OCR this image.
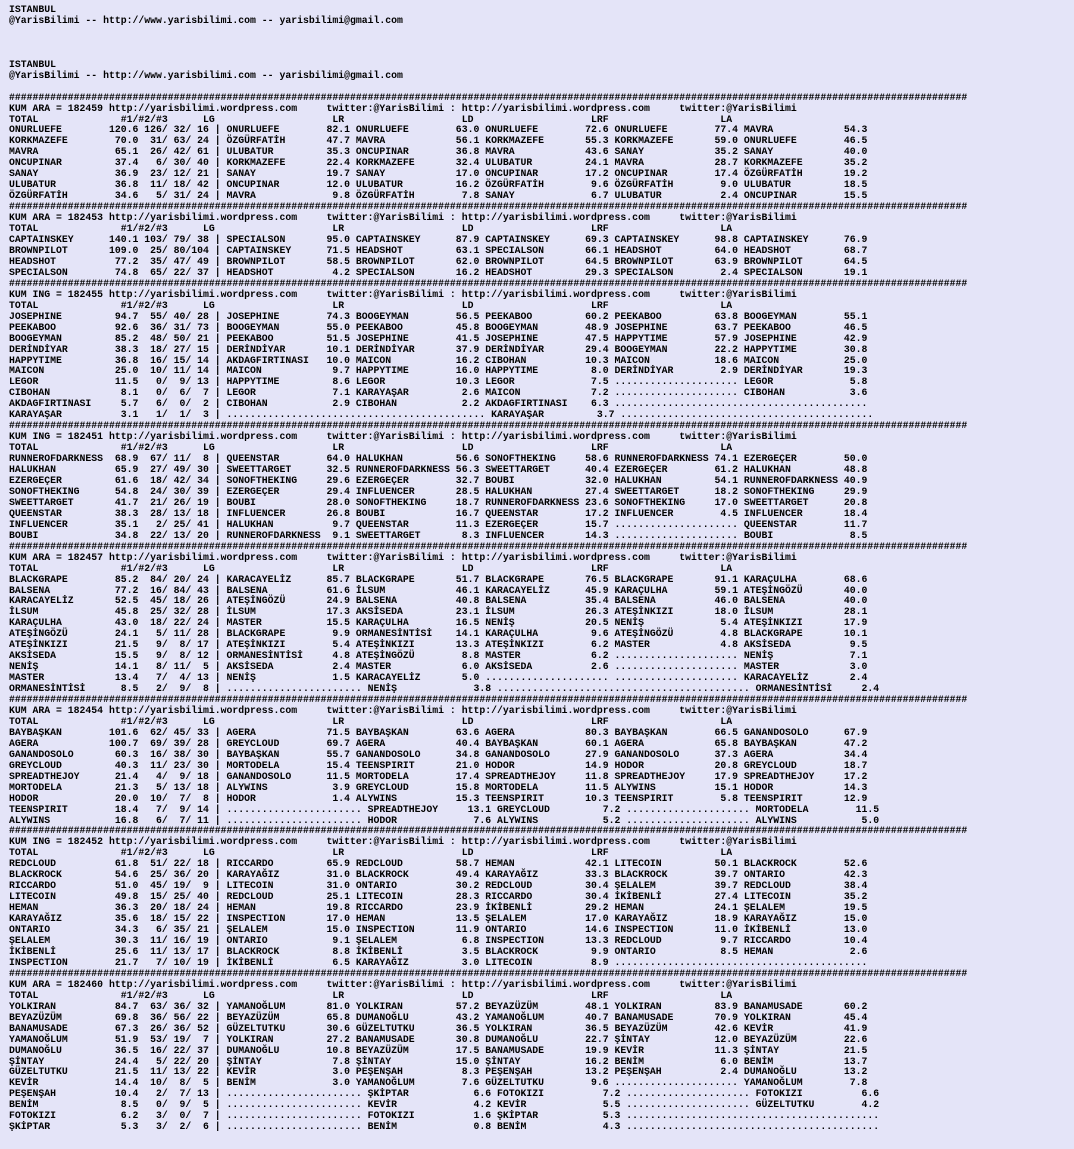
ISTANBUL
@YarisBilimi -- http://www.yarisbilimi.com -- yarisbilimi@gmail.com

ISTANBUL
@YarisBilimi -- http://www.yarisbilimi.com -- yarisbilimi@gmail.com

###################################################################################################################################################################
KUM ARA = 182459 http://yarisbilimi.wordpress.com     twitter:@YarisBilimi : http://yarisbilimi.wordpress.com     twitter:@YarisBilimi
TOTAL              #1/#2/#3      LG                    LR                    LD                    LRF                   LA
ONURLUEFE        120.6 126/ 32/ 16 | ONURLUEFE        82.1 ONURLUEFE        63.0 ONURLUEFE        72.6 ONURLUEFE        77.4 MAVRA            54.3
KORKMAZEFE        70.0  31/ 63/ 24 | ÖZGÜRFATİH       47.7 MAVRA            56.1 KORKMAZEFE       55.3 KORKMAZEFE       59.0 ONURLUEFE        46.5
MAVRA             65.1  26/ 42/ 61 | ULUBATUR         35.3 ONCUPINAR        36.8 MAVRA            43.6 SANAY            35.2 SANAY            40.0
ONCUPINAR         37.4   6/ 30/ 40 | KORKMAZEFE       22.4 KORKMAZEFE       32.4 ULUBATUR         24.1 MAVRA            28.7 KORKMAZEFE       35.2
SANAY             36.9  23/ 12/ 21 | SANAY            19.7 SANAY            17.0 ONCUPINAR        17.2 ONCUPINAR        17.4 ÖZGÜRFATİH       19.2
ULUBATUR          36.8  11/ 18/ 42 | ONCUPINAR        12.0 ULUBATUR         16.2 ÖZGÜRFATİH        9.6 ÖZGÜRFATİH        9.0 ULUBATUR         18.5
ÖZGÜRFATİH        34.6   5/ 31/ 24 | MAVRA             9.8 ÖZGÜRFATİH        7.8 SANAY             6.7 ULUBATUR          2.4 ONCUPINAR        15.5
###################################################################################################################################################################
KUM ARA = 182453 http://yarisbilimi.wordpress.com     twitter:@YarisBilimi : http://yarisbilimi.wordpress.com     twitter:@YarisBilimi
TOTAL              #1/#2/#3      LG                    LR                    LD                    LRF                   LA
CAPTAINSKEY      140.1 103/ 79/ 38 | SPECIALSON       95.0 CAPTAINSKEY      87.9 CAPTAINSKEY      69.3 CAPTAINSKEY      98.8 CAPTAINSKEY      76.9
BROWNPILOT       109.0  25/ 80/104 | CAPTAINSKEY      71.5 HEADSHOT         63.1 SPECIALSON       66.1 HEADSHOT         64.0 HEADSHOT         68.7
HEADSHOT          77.2  35/ 47/ 49 | BROWNPILOT       58.5 BROWNPILOT       62.0 BROWNPILOT       64.5 BROWNPILOT       63.9 BROWNPILOT       64.5
SPECIALSON        74.8  65/ 22/ 37 | HEADSHOT          4.2 SPECIALSON       16.2 HEADSHOT         29.3 SPECIALSON        2.4 SPECIALSON       19.1
###################################################################################################################################################################
KUM ING = 182455 http://yarisbilimi.wordpress.com     twitter:@YarisBilimi : http://yarisbilimi.wordpress.com     twitter:@YarisBilimi
TOTAL              #1/#2/#3      LG                    LR                    LD                    LRF                   LA
JOSEPHINE         94.7  55/ 40/ 28 | JOSEPHINE        74.3 BOOGEYMAN        56.5 PEEKABOO         60.2 PEEKABOO         63.8 BOOGEYMAN        55.1
PEEKABOO          92.6  36/ 31/ 73 | BOOGEYMAN        55.0 PEEKABOO         45.8 BOOGEYMAN        48.9 JOSEPHINE        63.7 PEEKABOO         46.5
BOOGEYMAN         85.2  48/ 50/ 21 | PEEKABOO         51.5 JOSEPHINE        41.5 JOSEPHINE        47.5 HAPPYTIME        57.9 JOSEPHINE        42.9
DERİNDİYAR        38.3  18/ 27/ 15 | DERİNDİYAR       10.1 DERİNDİYAR       37.9 DERİNDİYAR       29.4 BOOGEYMAN        22.2 HAPPYTIME        30.8
HAPPYTIME         36.8  16/ 15/ 14 | AKDAGFIRTINASI   10.0 MAICON           16.2 CIBOHAN          10.3 MAICON           18.6 MAICON           25.0
MAICON            25.0  10/ 11/ 14 | MAICON            9.7 HAPPYTIME        16.0 HAPPYTIME         8.0 DERİNDİYAR        2.9 DERİNDİYAR       19.3
LEGOR             11.5   0/  9/ 13 | HAPPYTIME         8.6 LEGOR            10.3 LEGOR             7.5 ..................... LEGOR             5.8
CIBOHAN            8.1   0/  6/  7 | LEGOR             7.1 KARAYAŞAR         2.6 MAICON            7.2 ..................... CIBOHAN           3.6
AKDAGFIRTINASI     5.7   6/  0/  2 | CIBOHAN           2.9 CIBOHAN           2.2 AKDAGFIRTINASI    6.3 ...........................................
KARAYAŞAR          3.1   1/  1/  3 | ............................................ KARAYAŞAR         3.7 ...........................................
###################################################################################################################################################################
KUM ING = 182451 http://yarisbilimi.wordpress.com     twitter:@YarisBilimi : http://yarisbilimi.wordpress.com     twitter:@YarisBilimi
TOTAL              #1/#2/#3      LG                    LR                    LD                    LRF                   LA
RUNNEROFDARKNESS  68.9  67/ 11/  8 | QUEENSTAR        64.0 HALUKHAN         56.6 SONOFTHEKING     58.6 RUNNEROFDARKNESS 74.1 EZERGEÇER        50.0
HALUKHAN          65.9  27/ 49/ 30 | SWEETTARGET      32.5 RUNNEROFDARKNESS 56.3 SWEETTARGET      40.4 EZERGEÇER        61.2 HALUKHAN         48.8
EZERGEÇER         61.6  18/ 42/ 34 | SONOFTHEKING     29.6 EZERGEÇER        32.7 BOUBI            32.0 HALUKHAN         54.1 RUNNEROFDARKNESS 40.9
SONOFTHEKING      54.8  24/ 30/ 39 | EZERGEÇER        29.4 INFLUENCER       28.5 HALUKHAN         27.4 SWEETTARGET      18.2 SONOFTHEKING     29.9
SWEETTARGET       41.7  21/ 26/ 19 | BOUBI            28.0 SONOFTHEKING     18.7 RUNNEROFDARKNESS 23.6 SONOFTHEKING     17.0 SWEETTARGET      20.8
QUEENSTAR         38.3  28/ 13/ 18 | INFLUENCER       26.8 BOUBI            16.7 QUEENSTAR        17.2 INFLUENCER        4.5 INFLUENCER       18.4
INFLUENCER        35.1   2/ 25/ 41 | HALUKHAN          9.7 QUEENSTAR        11.3 EZERGEÇER        15.7 ..................... QUEENSTAR        11.7
BOUBI             34.8  22/ 13/ 20 | RUNNEROFDARKNESS  9.1 SWEETTARGET       8.3 INFLUENCER       14.3 ..................... BOUBI             8.5
###################################################################################################################################################################
KUM ARA = 182457 http://yarisbilimi.wordpress.com     twitter:@YarisBilimi : http://yarisbilimi.wordpress.com     twitter:@YarisBilimi
TOTAL              #1/#2/#3      LG                    LR                    LD                    LRF                   LA
BLACKGRAPE        85.2  84/ 20/ 24 | KARACAYELİZ      85.7 BLACKGRAPE       51.7 BLACKGRAPE       76.5 BLACKGRAPE       91.1 KARAÇULHA        68.6
BALSENA           77.2  16/ 84/ 43 | BALSENA          61.6 İLSUM            46.1 KARACAYELİZ      45.9 KARAÇULHA        59.1 ATEŞİNGÖZÜ       40.0
KARACAYELİZ       52.5  45/ 18/ 26 | ATEŞİNGÖZÜ       24.9 BALSENA          40.8 BALSENA          35.4 BALSENA          46.0 BALSENA          40.0
İLSUM             45.8  25/ 32/ 28 | İLSUM            17.3 AKSİSEDA         23.1 İLSUM            26.3 ATEŞİNKIZI       18.0 İLSUM            28.1
KARAÇULHA         43.0  18/ 22/ 24 | MASTER           15.5 KARAÇULHA        16.5 NENİŞ            20.5 NENİŞ             5.4 ATEŞİNKIZI       17.9
ATEŞİNGÖZÜ        24.1   5/ 11/ 28 | BLACKGRAPE        9.9 ORMANESİNTİSİ    14.1 KARAÇULHA         9.6 ATEŞİNGÖZÜ        4.8 BLACKGRAPE       10.1
ATEŞİNKIZI        21.5   9/  8/ 17 | ATEŞİNKIZI        5.4 ATEŞİNKIZI       13.3 ATEŞİNKIZI        6.2 MASTER            4.8 AKSİSEDA          9.5
AKSİSEDA          15.5   9/  8/ 12 | ORMANESİNTİSİ     4.8 ATEŞİNGÖZÜ        8.8 MASTER            6.2 ..................... NENİŞ             7.1
NENİŞ             14.1   8/ 11/  5 | AKSİSEDA          2.4 MASTER            6.0 AKSİSEDA          2.6 ..................... MASTER            3.0
MASTER            13.4   7/  4/ 13 | NENİŞ             1.5 KARACAYELİZ       5.0 ..................... ..................... KARACAYELİZ       2.4
ORMANESİNTİSİ      8.5   2/  9/  8 | ....................... NENİŞ             3.8 ........................................... ORMANESİNTİSİ     2.4
###################################################################################################################################################################
KUM ARA = 182454 http://yarisbilimi.wordpress.com     twitter:@YarisBilimi : http://yarisbilimi.wordpress.com     twitter:@YarisBilimi
TOTAL              #1/#2/#3      LG                    LR                    LD                    LRF                   LA
BAYBAŞKAN        101.6  62/ 45/ 33 | AGERA            71.5 BAYBAŞKAN        63.6 AGERA            80.3 BAYBAŞKAN        66.5 GANANDOSOLO      67.9
AGERA            100.7  69/ 39/ 28 | GREYCLOUD        69.7 AGERA            40.4 BAYBAŞKAN        60.1 AGERA            65.8 BAYBAŞKAN        47.2
GANANDOSOLO       60.3  16/ 38/ 30 | BAYBAŞKAN        55.7 GANANDOSOLO      34.8 GANANDOSOLO      27.9 GANANDOSOLO      37.3 AGERA            34.4
GREYCLOUD         40.3  11/ 23/ 30 | MORTODELA        15.4 TEENSPIRIT       21.0 HODOR            14.9 HODOR            20.8 GREYCLOUD        18.7
SPREADTHEJOY      21.4   4/  9/ 18 | GANANDOSOLO      11.5 MORTODELA        17.4 SPREADTHEJOY     11.8 SPREADTHEJOY     17.9 SPREADTHEJOY     17.2
MORTODELA         21.3   5/ 13/ 18 | ALYWINS           3.9 GREYCLOUD        15.8 MORTODELA        11.5 ALYWINS          15.1 HODOR            14.3
HODOR             20.0  10/  7/  8 | HODOR             1.4 ALYWINS          15.3 TEENSPIRIT       10.3 TEENSPIRIT        5.8 TEENSPIRIT       12.9
TEENSPIRIT        18.4   7/  9/ 14 | ....................... SPREADTHEJOY     13.1 GREYCLOUD         7.2 ..................... MORTODELA        11.5
ALYWINS           16.8   6/  7/ 11 | ....................... HODOR             7.6 ALYWINS           5.2 ..................... ALYWINS           5.0
###################################################################################################################################################################
KUM ING = 182452 http://yarisbilimi.wordpress.com     twitter:@YarisBilimi : http://yarisbilimi.wordpress.com     twitter:@YarisBilimi
TOTAL              #1/#2/#3      LG                    LR                    LD                    LRF                   LA
REDCLOUD          61.8  51/ 22/ 18 | RICCARDO         65.9 REDCLOUD         58.7 HEMAN            42.1 LITECOIN         50.1 BLACKROCK        52.6
BLACKROCK         54.6  25/ 36/ 20 | KARAYAĞIZ        31.0 BLACKROCK        49.4 KARAYAĞIZ        33.3 BLACKROCK        39.7 ONTARIO          42.3
RICCARDO          51.0  45/ 19/  9 | LITECOIN         31.0 ONTARIO          30.2 REDCLOUD         30.4 ŞELALEM          39.7 REDCLOUD         38.4
LITECOIN          49.8  15/ 25/ 40 | REDCLOUD         25.1 LITECOIN         28.3 RICCARDO         30.4 İKİBENLİ         27.4 LITECOIN         35.2
HEMAN             36.3  20/ 18/ 24 | HEMAN            19.8 RICCARDO         23.9 İKİBENLİ         29.2 HEMAN            24.1 ŞELALEM          19.5
KARAYAĞIZ         35.6  18/ 15/ 22 | INSPECTION       17.0 HEMAN            13.5 ŞELALEM          17.0 KARAYAĞIZ        18.9 KARAYAĞIZ        15.0
ONTARIO           34.3   6/ 35/ 21 | ŞELALEM          15.0 INSPECTION       11.9 ONTARIO          14.6 INSPECTION       11.0 İKİBENLİ         13.0
ŞELALEM           30.3  11/ 16/ 19 | ONTARIO           9.1 ŞELALEM           6.8 INSPECTION       13.3 REDCLOUD          9.7 RICCARDO         10.4
İKİBENLİ          25.6  11/ 13/ 17 | BLACKROCK         8.8 İKİBENLİ          3.5 BLACKROCK         9.9 ONTARIO           8.5 HEMAN             2.6
INSPECTION        21.7   7/ 10/ 19 | İKİBENLİ          6.5 KARAYAĞIZ         3.0 LITECOIN          8.9 ...........................................
###################################################################################################################################################################
KUM ARA = 182460 http://yarisbilimi.wordpress.com     twitter:@YarisBilimi : http://yarisbilimi.wordpress.com     twitter:@YarisBilimi
TOTAL              #1/#2/#3      LG                    LR                    LD                    LRF                   LA
YOLKIRAN          84.7  63/ 36/ 32 | YAMANOĞLUM       81.0 YOLKIRAN         57.2 BEYAZÜZÜM        48.1 YOLKIRAN         83.9 BANAMUSADE       60.2
BEYAZÜZÜM         69.8  36/ 56/ 22 | BEYAZÜZÜM        65.8 DUMANOĞLU        43.2 YAMANOĞLUM       40.7 BANAMUSADE       70.9 YOLKIRAN         45.4
BANAMUSADE        67.3  26/ 36/ 52 | GÜZELTUTKU       30.6 GÜZELTUTKU       36.5 YOLKIRAN         36.5 BEYAZÜZÜM        42.6 KEVİR            41.9
YAMANOĞLUM        51.9  53/ 19/  7 | YOLKIRAN         27.2 BANAMUSADE       30.8 DUMANOĞLU        22.7 ŞİNTAY           12.0 BEYAZÜZÜM        22.6
DUMANOĞLU         36.5  16/ 22/ 37 | DUMANOĞLU        10.8 BEYAZÜZÜM        17.5 BANAMUSADE       19.9 KEVİR            11.3 ŞİNTAY           21.5
ŞİNTAY            24.4   5/ 22/ 20 | ŞİNTAY            7.8 ŞİNTAY           15.0 ŞİNTAY           16.2 BENİM             6.0 BENİM            13.7
GÜZELTUTKU        21.5  11/ 13/ 22 | KEVİR             3.0 PEŞENŞAH          8.3 PEŞENŞAH         13.2 PEŞENŞAH          2.4 DUMANOĞLU        13.2
KEVİR             14.4  10/  8/  5 | BENİM             3.0 YAMANOĞLUM        7.6 GÜZELTUTKU        9.6 ..................... YAMANOĞLUM        7.8
PEŞENŞAH          10.4   2/  7/ 13 | ....................... ŞKİPTAR           6.6 FOTOKIZI          7.2 ..................... FOTOKIZI          6.6
BENİM              8.5   0/  9/  5 | ....................... KEVİR             4.2 KEVİR             5.5 ..................... GÜZELTUTKU        4.2
FOTOKIZI           6.2   3/  0/  7 | ....................... FOTOKIZI          1.6 ŞKİPTAR           5.3 ...........................................
ŞKİPTAR            5.3   3/  2/  6 | ....................... BENİM             0.8 BENİM             4.3 ...........................................
